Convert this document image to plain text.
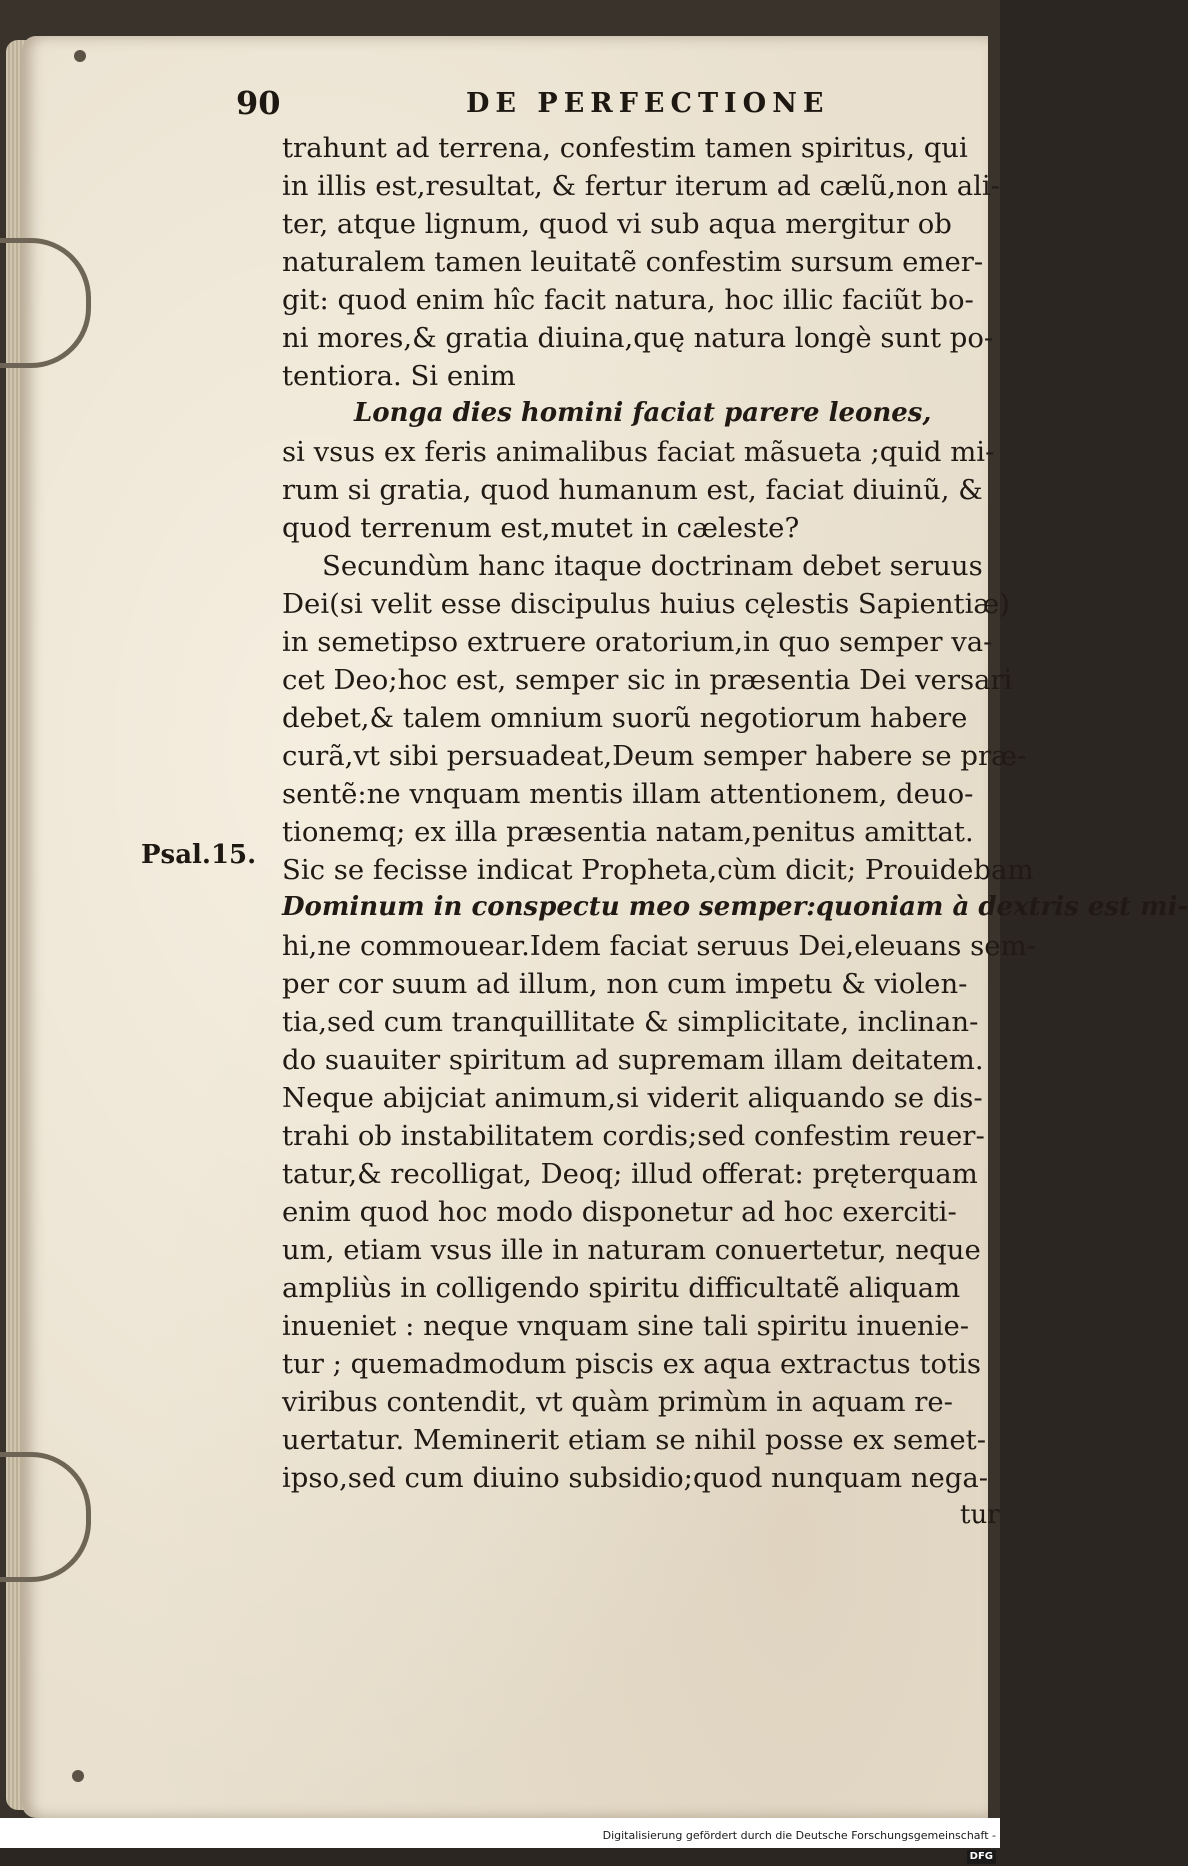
90	DE PERFECTIONE
Psal.15.
trahunt ad terrena, confestim tamen spiritus, qui
in illis est,resultat, & fertur iterum ad cælũ,non ali-
ter, atque lignum, quod vi sub aqua mergitur ob
naturalem tamen leuitatẽ confestim sursum emer-
git: quod enim hîc facit natura, hoc illic faciũt bo-
ni mores,& gratia diuina,quę natura longè sunt po-
tentiora. Si enim
Longa dies homini faciat parere leones,
si vsus ex feris animalibus faciat mãsueta ;quid mi-
rum si gratia, quod humanum est, faciat diuinũ, &
quod terrenum est,mutet in cæleste?
Secundùm hanc itaque doctrinam debet seruus
Dei(si velit esse discipulus huius cęlestis Sapientiæ)
in semetipso extruere oratorium,in quo semper va-
cet Deo;hoc est, semper sic in præsentia Dei versari
debet,& talem omnium suorũ negotiorum habere
curã,vt sibi persuadeat,Deum semper habere se præ-
sentẽ:ne vnquam mentis illam attentionem, deuo-
tionemq; ex illa præsentia natam,penitus amittat.
Sic se fecisse indicat Propheta,cùm dicit; Prouidebam
Dominum in conspectu meo semper:quoniam à dextris est mi-
hi,ne commouear.Idem faciat seruus Dei,eleuans sem-
per cor suum ad illum, non cum impetu & violen-
tia,sed cum tranquillitate & simplicitate, inclinan-
do suauiter spiritum ad supremam illam deitatem.
Neque abijciat animum,si viderit aliquando se dis-
trahi ob instabilitatem cordis;sed confestim reuer-
tatur,& recolligat, Deoq; illud offerat: pręterquam
enim quod hoc modo disponetur ad hoc exerciti-
um, etiam vsus ille in naturam conuertetur, neque
ampliùs in colligendo spiritu difficultatẽ aliquam
inueniet : neque vnquam sine tali spiritu inuenie-
tur ; quemadmodum piscis ex aqua extractus totis
viribus contendit, vt quàm primùm in aquam re-
uertatur. Meminerit etiam se nihil posse ex semet-
ipso,sed cum diuino subsidio;quod nunquam nega-
tur
Digitalisierung gefördert durch die Deutsche Forschungsgemeinschaft - DFG
